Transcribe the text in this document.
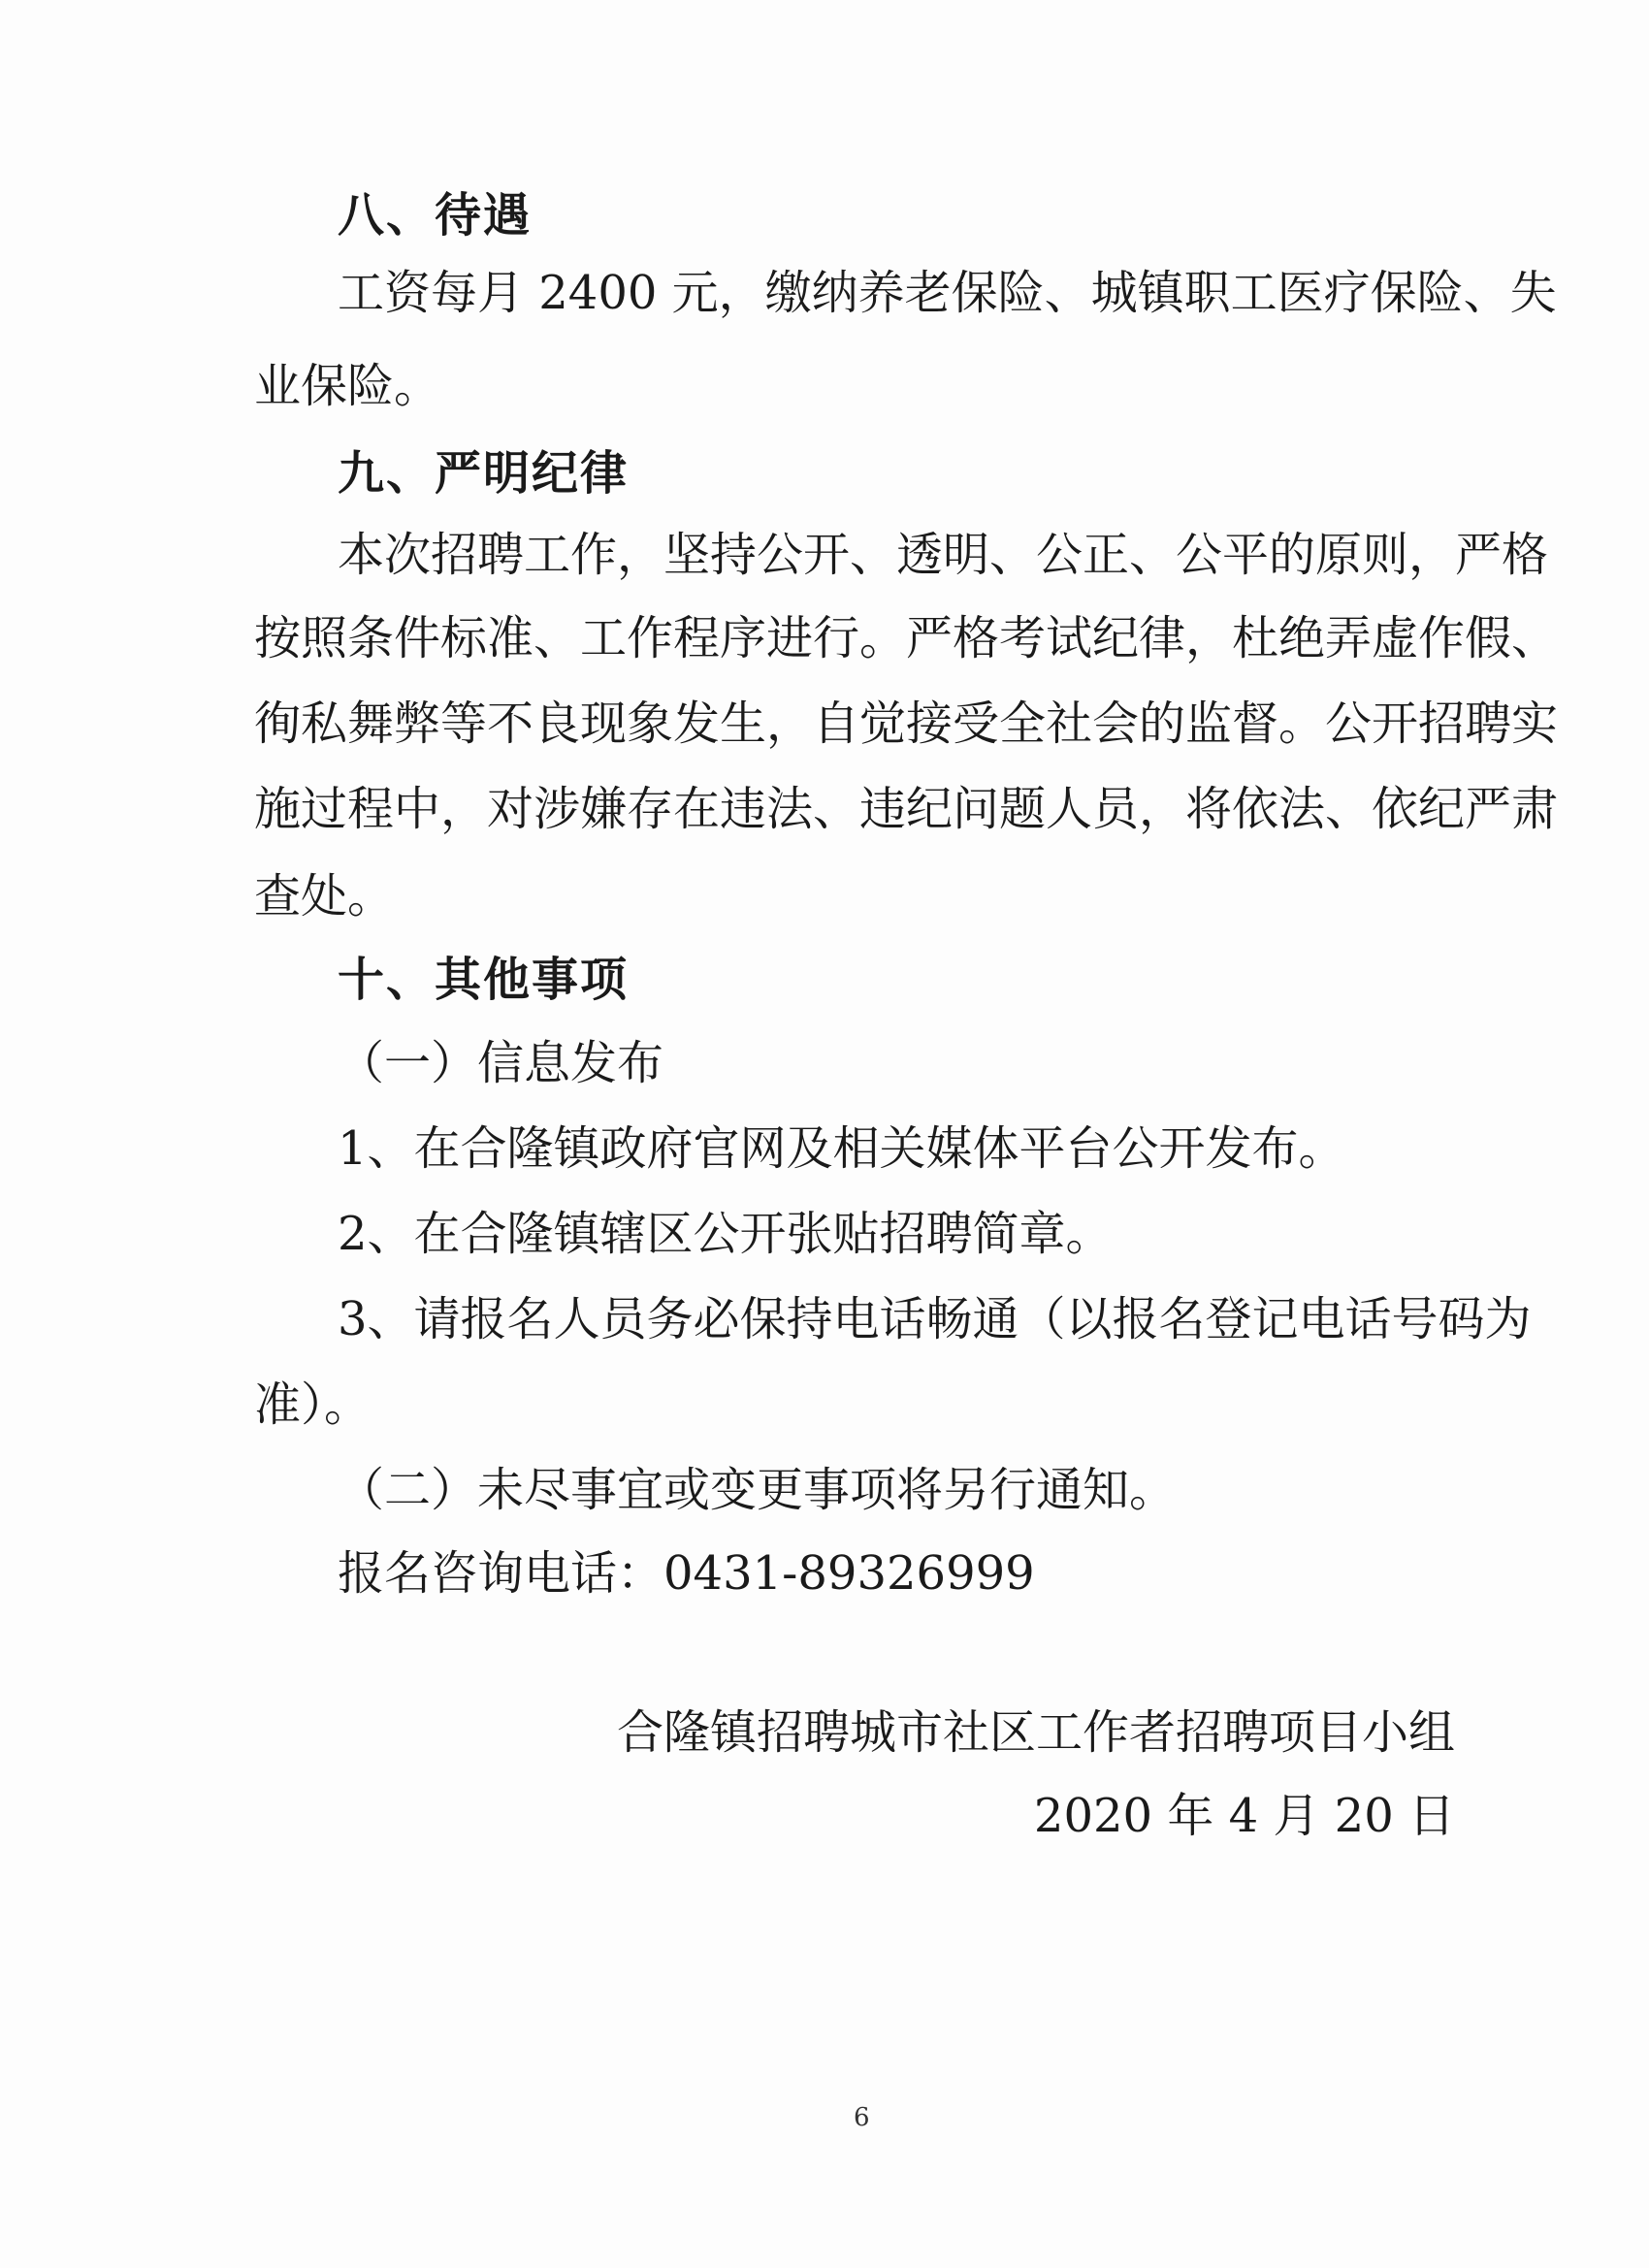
八、待遇
工资每月 2400 元，缴纳养老保险、城镇职工医疗保险、失
业保险。
九、严明纪律
本次招聘工作，坚持公开、透明、公正、公平的原则，严格
按照条件标准、工作程序进行。严格考试纪律，杜绝弄虚作假、
徇私舞弊等不良现象发生，自觉接受全社会的监督。公开招聘实
施过程中，对涉嫌存在违法、违纪问题人员，将依法、依纪严肃
查处。
十、其他事项
（一）信息发布
1、在合隆镇政府官网及相关媒体平台公开发布。
2、在合隆镇辖区公开张贴招聘简章。
3、请报名人员务必保持电话畅通（以报名登记电话号码为
准）。
（二）未尽事宜或变更事项将另行通知。
报名咨询电话：0431-89326999
合隆镇招聘城市社区工作者招聘项目小组
2020 年 4 月 20 日
6
